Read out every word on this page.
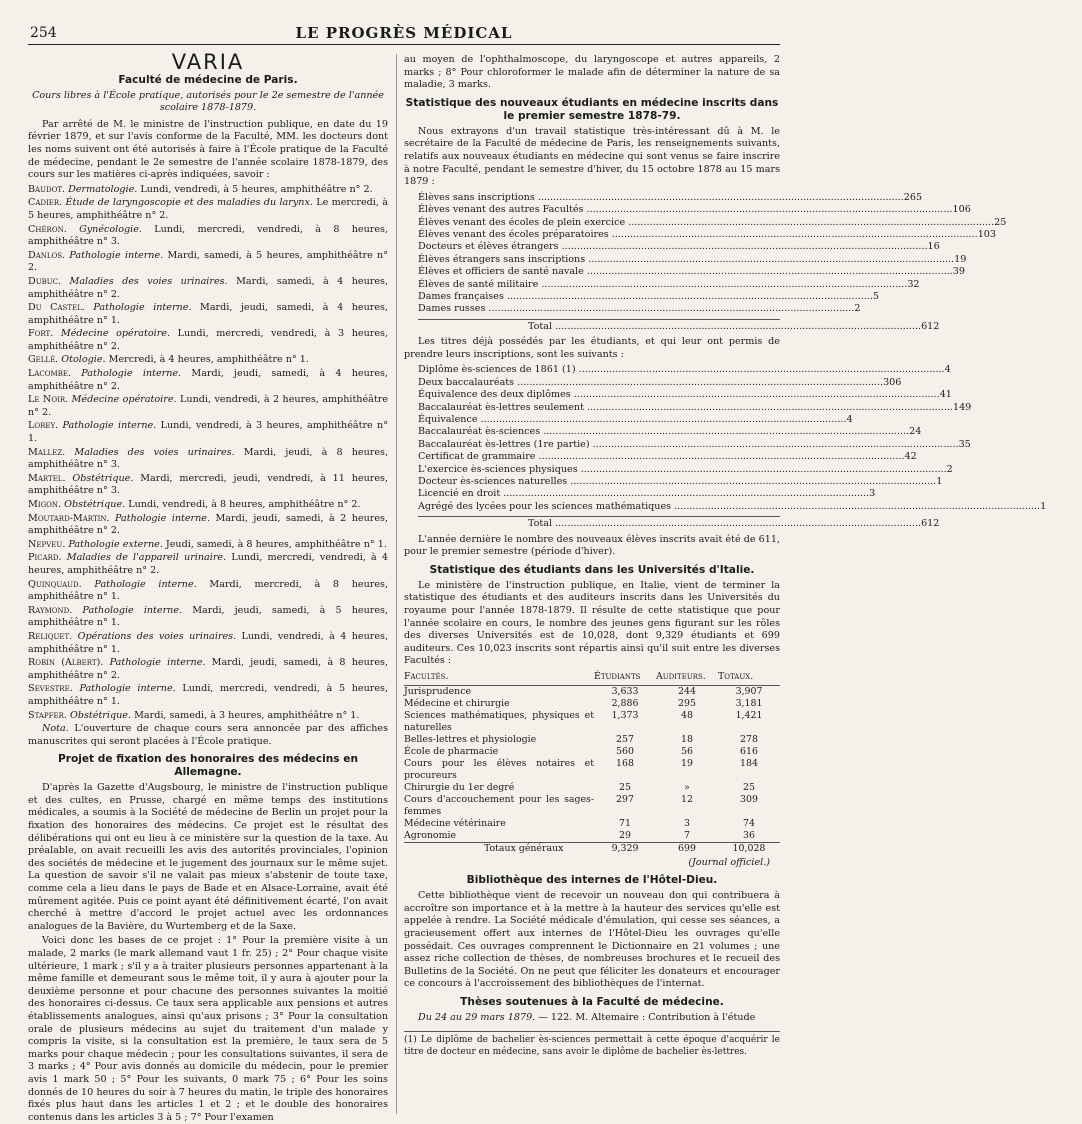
254	LE PROGRÈS MÉDICAL
VARIA
Faculté de médecine de Paris.
Cours libres à l'École pratique, autorisés pour le 2e semestre de l'année scolaire 1878-1879.

Par arrêté de M. le ministre de l'instruction publique, en date du 19 février 1879, et sur l'avis conforme de la Faculté, MM. les docteurs dont les noms suivent ont été autorisés à faire à l'École pratique de la Faculté de médecine, pendant le 2e semestre de l'année scolaire 1878-1879, des cours sur les matières ci-après indiquées, savoir :

Baudot. Dermatologie. Lundi, vendredi, à 5 heures, amphithéâtre n° 2.

Cadier. Étude de laryngoscopie et des maladies du larynx. Le mercredi, à 5 heures, amphithéâtre n° 2.

Chéron. Gynécologie. Lundi, mercredi, vendredi, à 8 heures, amphithéâtre n° 3.

Danlos. Pathologie interne. Mardi, samedi, à 5 heures, amphithéâtre n° 2.

Dubuc. Maladies des voies urinaires. Mardi, samedi, à 4 heures, amphithéâtre n° 2.

Du Castel. Pathologie interne. Mardi, jeudi, samedi, à 4 heures, amphithéâtre n° 1.

Fort. Médecine opératoire. Lundi, mercredi, vendredi, à 3 heures, amphithéâtre n° 2.

Gellé. Otologie. Mercredi, à 4 heures, amphithéâtre n° 1.

Lacombe. Pathologie interne. Mardi, jeudi, samedi, à 4 heures, amphithéâtre n° 2.

Le Noir. Médecine opératoire. Lundi, vendredi, à 2 heures, amphithéâtre n° 2.

Lorey. Pathologie interne. Lundi, vendredi, à 3 heures, amphithéâtre n° 1.

Mallez. Maladies des voies urinaires. Mardi, jeudi, à 8 heures, amphithéâtre n° 3.

Martel. Obstétrique. Mardi, mercredi, jeudi, vendredi, à 11 heures, amphithéâtre n° 3.

Migon. Obstétrique. Lundi, vendredi, à 8 heures, amphithéâtre n° 2.

Moutard-Martin. Pathologie interne. Mardi, jeudi, samedi, à 2 heures, amphithéâtre n° 2.

Nepveu. Pathologie externe. Jeudi, samedi, à 8 heures, amphithéâtre n° 1.

Picard. Maladies de l'appareil urinaire. Lundi, mercredi, vendredi, à 4 heures, amphithéâtre n° 2.

Quinquaud. Pathologie interne. Mardi, mercredi, à 8 heures, amphithéâtre n° 1.

Raymond. Pathologie interne. Mardi, jeudi, samedi, à 5 heures, amphithéâtre n° 1.

Reliquet. Opérations des voies urinaires. Lundi, vendredi, à 4 heures, amphithéâtre n° 1.

Robin (Albert). Pathologie interne. Mardi, jeudi, samedi, à 8 heures, amphithéâtre n° 2.

Sevestre. Pathologie interne. Lundi, mercredi, vendredi, à 5 heures, amphithéâtre n° 1.

Stapfer. Obstétrique. Mardi, samedi, à 3 heures, amphithéâtre n° 1.

Nota. L'ouverture de chaque cours sera annoncée par des affiches manuscrites qui seront placées à l'École pratique.

Projet de fixation des honoraires des médecins en Allemagne.

D'après la Gazette d'Augsbourg, le ministre de l'instruction publique et des cultes, en Prusse, chargé en même temps des institutions médicales, a soumis à la Société de médecine de Berlin un projet pour la fixation des honoraires des médecins. Ce projet est le résultat des délibérations qui ont eu lieu à ce ministère sur la question de la taxe. Au préalable, on avait recueilli les avis des autorités provinciales, l'opinion des sociétés de médecine et le jugement des journaux sur le même sujet. La question de savoir s'il ne valait pas mieux s'abstenir de toute taxe, comme cela a lieu dans le pays de Bade et en Alsace-Lorraine, avait été mûrement agitée. Puis ce point ayant été définitivement écarté, l'on avait cherché à mettre d'accord le projet actuel avec les ordonnances analogues de la Bavière, du Wurtemberg et de la Saxe.

Voici donc les bases de ce projet : 1° Pour la première visite à un malade, 2 marks (le mark allemand vaut 1 fr. 25) ; 2° Pour chaque visite ultérieure, 1 mark ; s'il y a à traiter plusieurs personnes appartenant à la même famille et demeurant sous le même toit, il y aura à ajouter pour la deuxième personne et pour chacune des personnes suivantes la moitié des honoraires ci-dessus. Ce taux sera applicable aux pensions et autres établissements analogues, ainsi qu'aux prisons ; 3° Pour la consultation orale de plusieurs médecins au sujet du traitement d'un malade y compris la visite, si la consultation est la première, le taux sera de 5 marks pour chaque médecin ; pour les consultations suivantes, il sera de 3 marks ; 4° Pour avis donnés au domicile du médecin, pour le premier avis 1 mark 50 ; 5° Pour les suivants, 0 mark 75 ; 6° Pour les soins donnés de 10 heures du soir à 7 heures du matin, le triple des honoraires fixés plus haut dans les articles 1 et 2 ; et le double des honoraires contenus dans les articles 3 à 5 ; 7° Pour l'examen

au moyen de l'ophthalmoscope, du laryngoscope et autres appareils, 2 marks ; 8° Pour chloroformer le malade afin de déterminer la nature de sa maladie, 3 marks.

Statistique des nouveaux étudiants en médecine inscrits dans le premier semestre 1878-79.

Nous extrayons d'un travail statistique très-intéressant dû à M. le secrétaire de la Faculté de médecine de Paris, les renseignements suivants, relatifs aux nouveaux étudiants en médecine qui sont venus se faire inscrire à notre Faculté, pendant le semestre d'hiver, du 15 octobre 1878 au 15 mars 1879 :

Élèves sans inscriptions .....	265
Élèves venant des autres Facultés .....	106
Élèves venant des écoles de plein exercice .....	25
Élèves venant des écoles préparatoires .....	103
Docteurs et élèves étrangers .....	16
Élèves étrangers sans inscriptions .....	19
Élèves et officiers de santé navale .....	39
Élèves de santé militaire .....	32
Dames françaises .....	5
Dames russes .....	2
Total .....	612

Les titres déjà possédés par les étudiants, et qui leur ont permis de prendre leurs inscriptions, sont les suivants :

Diplôme ès-sciences de 1861 (1) .....	4
Deux baccalauréats .....	306
Équivalence des deux diplômes .....	41
Baccalauréat ès-lettres seulement .....	149
Équivalence .....	4
Baccalauréat ès-sciences .....	24
Baccalauréat ès-lettres (1re partie) .....	35
Certificat de grammaire .....	42
L'exercice ès-sciences physiques .....	2
Docteur ès-sciences naturelles .....	1
Licencié en droit .....	3
Agrégé des lycées pour les sciences mathématiques .....	1
Total .....	612

L'année dernière le nombre des nouveaux élèves inscrits avait été de 611, pour le premier semestre (période d'hiver).

Statistique des étudiants dans les Universités d'Italie.

Le ministère de l'instruction publique, en Italie, vient de terminer la statistique des étudiants et des auditeurs inscrits dans les Universités du royaume pour l'année 1878-1879. Il résulte de cette statistique que pour l'année scolaire en cours, le nombre des jeunes gens figurant sur les rôles des diverses Universités est de 10,028, dont 9,329 étudiants et 699 auditeurs. Ces 10,023 inscrits sont répartis ainsi qu'il suit entre les diverses Facultés :

Facultés.	Étudiants	Auditeurs.	Totaux.
Jurisprudence	3,633	244	3,907
Médecine et chirurgie	2,886	295	3,181
Sciences mathématiques, physiques et naturelles	1,373	48	1,421
Belles-lettres et physiologie	257	18	278
École de pharmacie	560	56	616
Cours pour les élèves notaires et procureurs	168	19	184
Chirurgie du 1er degré	25	»	25
Cours d'accouchement pour les sages-femmes	297	12	309
Médecine vétérinaire	71	3	74
Agronomie	29	7	36
Totaux généraux	9,329	699	10,028
(Journal officiel.)
Bibliothèque des internes de l'Hôtel-Dieu.

Cette bibliothèque vient de recevoir un nouveau don qui contribuera à accroître son importance et à la mettre à la hauteur des services qu'elle est appelée à rendre. La Société médicale d'émulation, qui cesse ses séances, a gracieusement offert aux internes de l'Hôtel-Dieu les ouvrages qu'elle possédait. Ces ouvrages comprennent le Dictionnaire en 21 volumes ; une assez riche collection de thèses, de nombreuses brochures et le recueil des Bulletins de la Société. On ne peut que féliciter les donateurs et encourager ce concours à l'accroissement des bibliothèques de l'internat.

Thèses soutenues à la Faculté de médecine.

Du 24 au 29 mars 1879. — 122. M. Altemaire : Contribution à l'étude

(1) Le diplôme de bachelier ès-sciences permettait à cette époque d'acquérir le titre de docteur en médecine, sans avoir le diplôme de bachelier ès-lettres.
